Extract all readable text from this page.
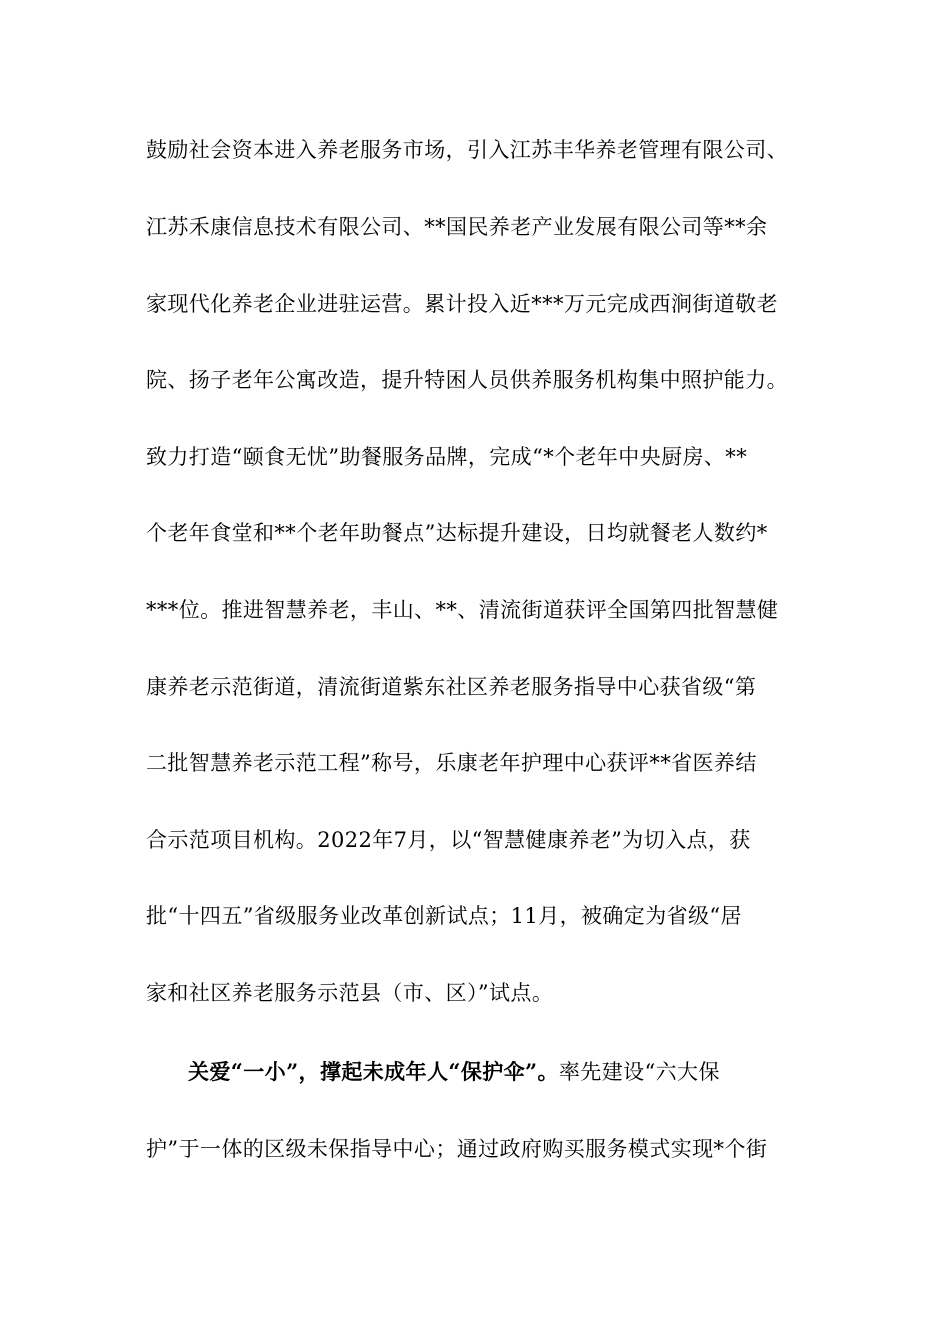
鼓励社会资本进入养老服务市场，引入江苏丰华养老管理有限公司、
江苏禾康信息技术有限公司、**国民养老产业发展有限公司等**余
家现代化养老企业进驻运营。累计投入近***万元完成西涧街道敬老
院、扬子老年公寓改造，提升特困人员供养服务机构集中照护能力。
致力打造“颐食无忧”助餐服务品牌，完成“*个老年中央厨房、**
个老年食堂和**个老年助餐点”达标提升建设，日均就餐老人数约*
***位。推进智慧养老，丰山、**、清流街道获评全国第四批智慧健
康养老示范街道，清流街道紫东社区养老服务指导中心获省级“第
二批智慧养老示范工程”称号，乐康老年护理中心获评**省医养结
合示范项目机构。2022年7月，以“智慧健康养老”为切入点，获
批“十四五”省级服务业改革创新试点；11月，被确定为省级“居
家和社区养老服务示范县（市、区）”试点。
关爱“一小”，撑起未成年人“保护伞”。率先建设“六大保
护”于一体的区级未保指导中心；通过政府购买服务模式实现*个街
